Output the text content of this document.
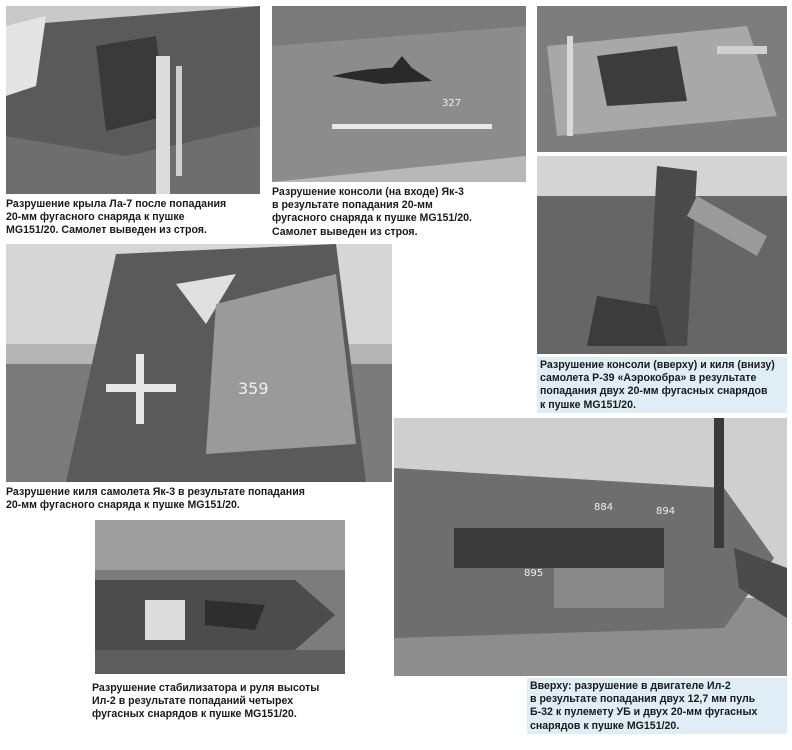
327
359
884	894
895
Разрушение крыла Ла-7 после попадания
20-мм фугасного снаряда к пушке
MG151/20. Самолет выведен из строя.
Разрушение консоли (на входе) Як-3
в результате попадания 20-мм
фугасного снаряда к пушке MG151/20.
Самолет выведен из строя.
Разрушение консоли (вверху) и киля (внизу)
самолета Р-39 «Аэрокобра» в результате
попадания двух 20-мм фугасных снарядов
к пушке MG151/20.
Разрушение киля самолета Як-3 в результате попадания
20-мм фугасного снаряда к пушке MG151/20.
Разрушение стабилизатора и руля высоты
Ил-2 в результате попаданий четырех
фугасных снарядов к пушке MG151/20.
Вверху: разрушение в двигателе Ил-2
в результате попадания двух 12,7 мм пуль
Б-32 к пулемету УБ и двух 20-мм фугасных
снарядов к пушке MG151/20.
